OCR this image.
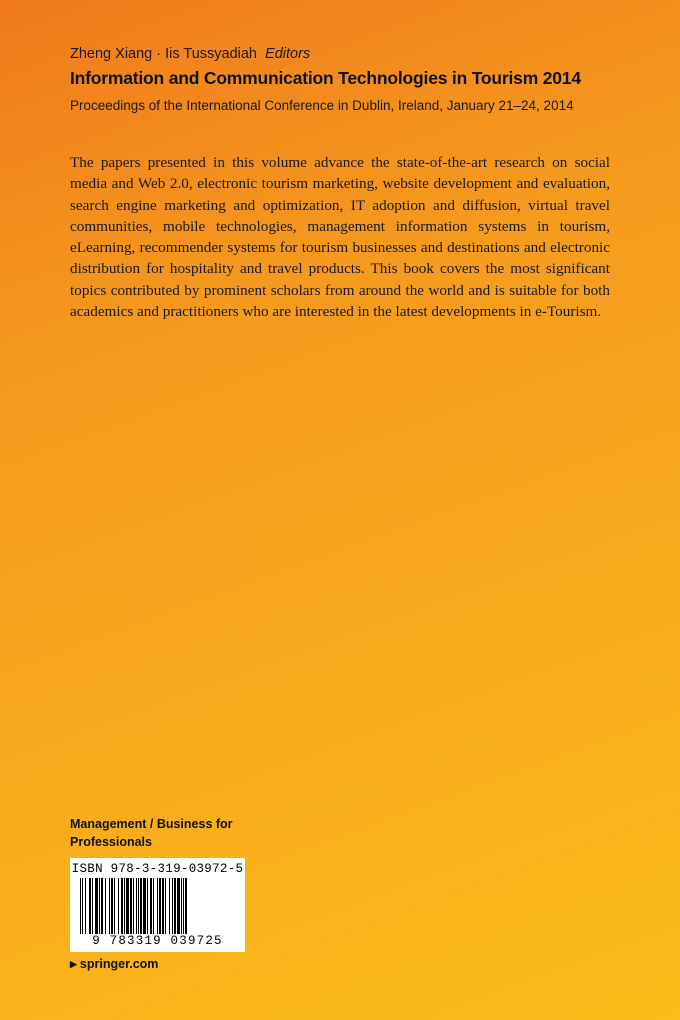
Zheng Xiang · Iis Tussyadiah Editors
Information and Communication Technologies in Tourism 2014
Proceedings of the International Conference in Dublin, Ireland, January 21–24, 2014

The papers presented in this volume advance the state-of-the-art research on social media and Web 2.0, electronic tourism marketing, website development and evaluation, search engine marketing and optimization, IT adoption and diffusion, virtual travel communities, mobile technologies, management information systems in tourism, eLearning, recommender systems for tourism businesses and destinations and electronic distribution for hospitality and travel products. This book covers the most significant topics contributed by prominent scholars from around the world and is suitable for both academics and practitioners who are interested in the latest developments in e-Tourism.

Management / Business for Professionals
ISBN 978-3-319-03972-5
9 783319 039725
▶ springer.com
